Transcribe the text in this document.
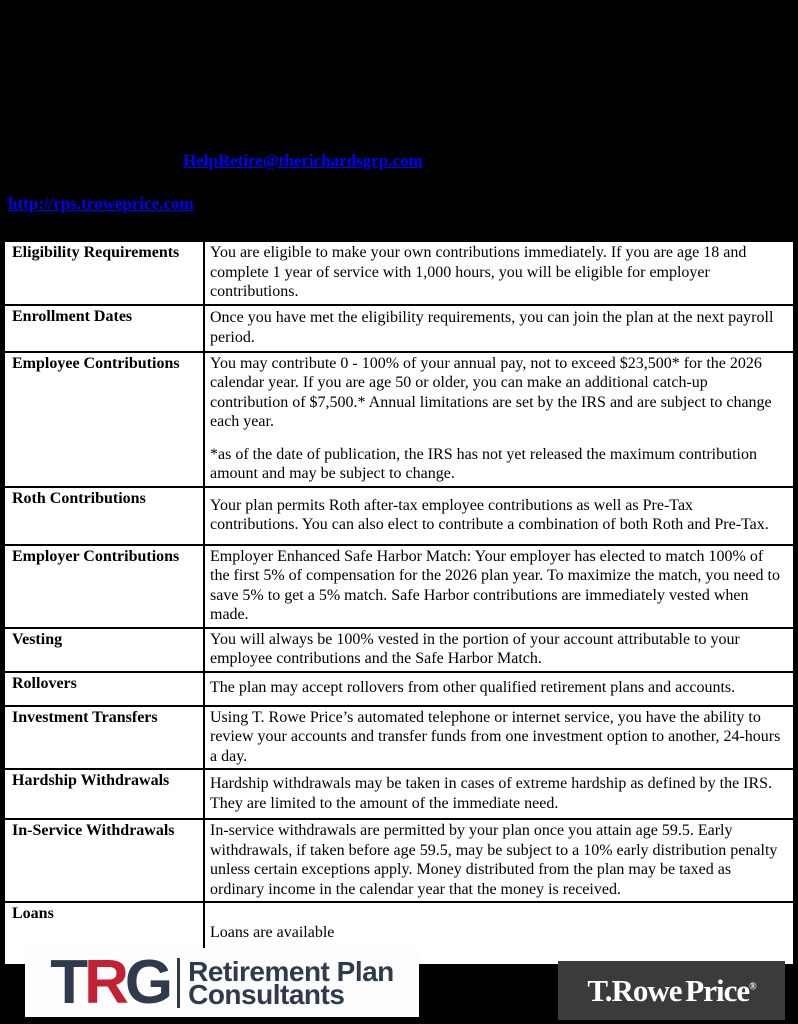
HelpRetire@therichardsgrp.com
http://rps.troweprice.com
Eligibility Requirements	You are eligible to make your own contributions immediately. If you are age 18 and complete 1 year of service with 1,000 hours, you will be eligible for employer contributions.

Enrollment Dates	Once you have met the eligibility requirements, you can join the plan at the next payroll period.

Employee Contributions	You may contribute 0 - 100% of your annual pay, not to exceed $23,500* for the 2026 calendar year. If you are age 50 or older, you can make an additional catch-up contribution of $7,500.* Annual limitations are set by the IRS and are subject to change each year.

*as of the date of publication, the IRS has not yet released the maximum contribution amount and may be subject to change.

Roth Contributions	Your plan permits Roth after-tax employee contributions as well as Pre-Tax contributions. You can also elect to contribute a combination of both Roth and Pre-Tax.

Employer Contributions	Employer Enhanced Safe Harbor Match: Your employer has elected to match 100% of the first 5% of compensation for the 2026 plan year. To maximize the match, you need to save 5% to get a 5% match. Safe Harbor contributions are immediately vested when made.

Vesting	You will always be 100% vested in the portion of your account attributable to your employee contributions and the Safe Harbor Match.

Rollovers	The plan may accept rollovers from other qualified retirement plans and accounts.

Investment Transfers	Using T. Rowe Price’s automated telephone or internet service, you have the ability to review your accounts and transfer funds from one investment option to another, 24-hours a day.

Hardship Withdrawals	Hardship withdrawals may be taken in cases of extreme hardship as defined by the IRS. They are limited to the amount of the immediate need.

In-Service Withdrawals	In-service withdrawals are permitted by your plan once you attain age 59.5. Early withdrawals, if taken before age 59.5, may be subject to a 10% early distribution penalty unless certain exceptions apply. Money distributed from the plan may be taxed as ordinary income in the calendar year that the money is received.

Loans	Loans are available

T R G Retirement Plan
Consultants	T.Rowe Price®
